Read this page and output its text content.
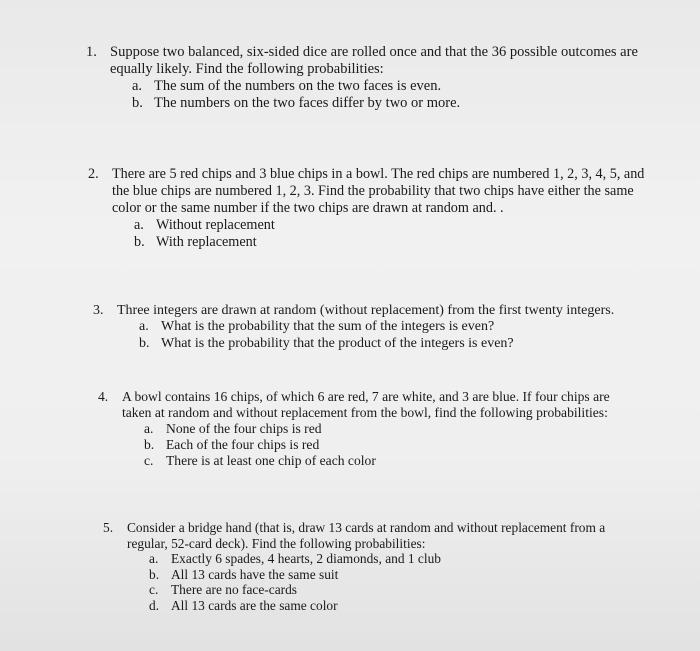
1. Suppose two balanced, six-sided dice are rolled once and that the 36 possible outcomes are equally likely. Find the following probabilities:
a. The sum of the numbers on the two faces is even.
b. The numbers on the two faces differ by two or more.
2. There are 5 red chips and 3 blue chips in a bowl. The red chips are numbered 1, 2, 3, 4, 5, and the blue chips are numbered 1, 2, 3. Find the probability that two chips have either the same color or the same number if the two chips are drawn at random and. .
a. Without replacement
b. With replacement
3. Three integers are drawn at random (without replacement) from the first twenty integers.
a. What is the probability that the sum of the integers is even?
b. What is the probability that the product of the integers is even?
4. A bowl contains 16 chips, of which 6 are red, 7 are white, and 3 are blue. If four chips are taken at random and without replacement from the bowl, find the following probabilities:
a. None of the four chips is red
b. Each of the four chips is red
c. There is at least one chip of each color
5. Consider a bridge hand (that is, draw 13 cards at random and without replacement from a regular, 52-card deck). Find the following probabilities:
a. Exactly 6 spades, 4 hearts, 2 diamonds, and 1 club
b. All 13 cards have the same suit
c. There are no face-cards
d. All 13 cards are the same color
